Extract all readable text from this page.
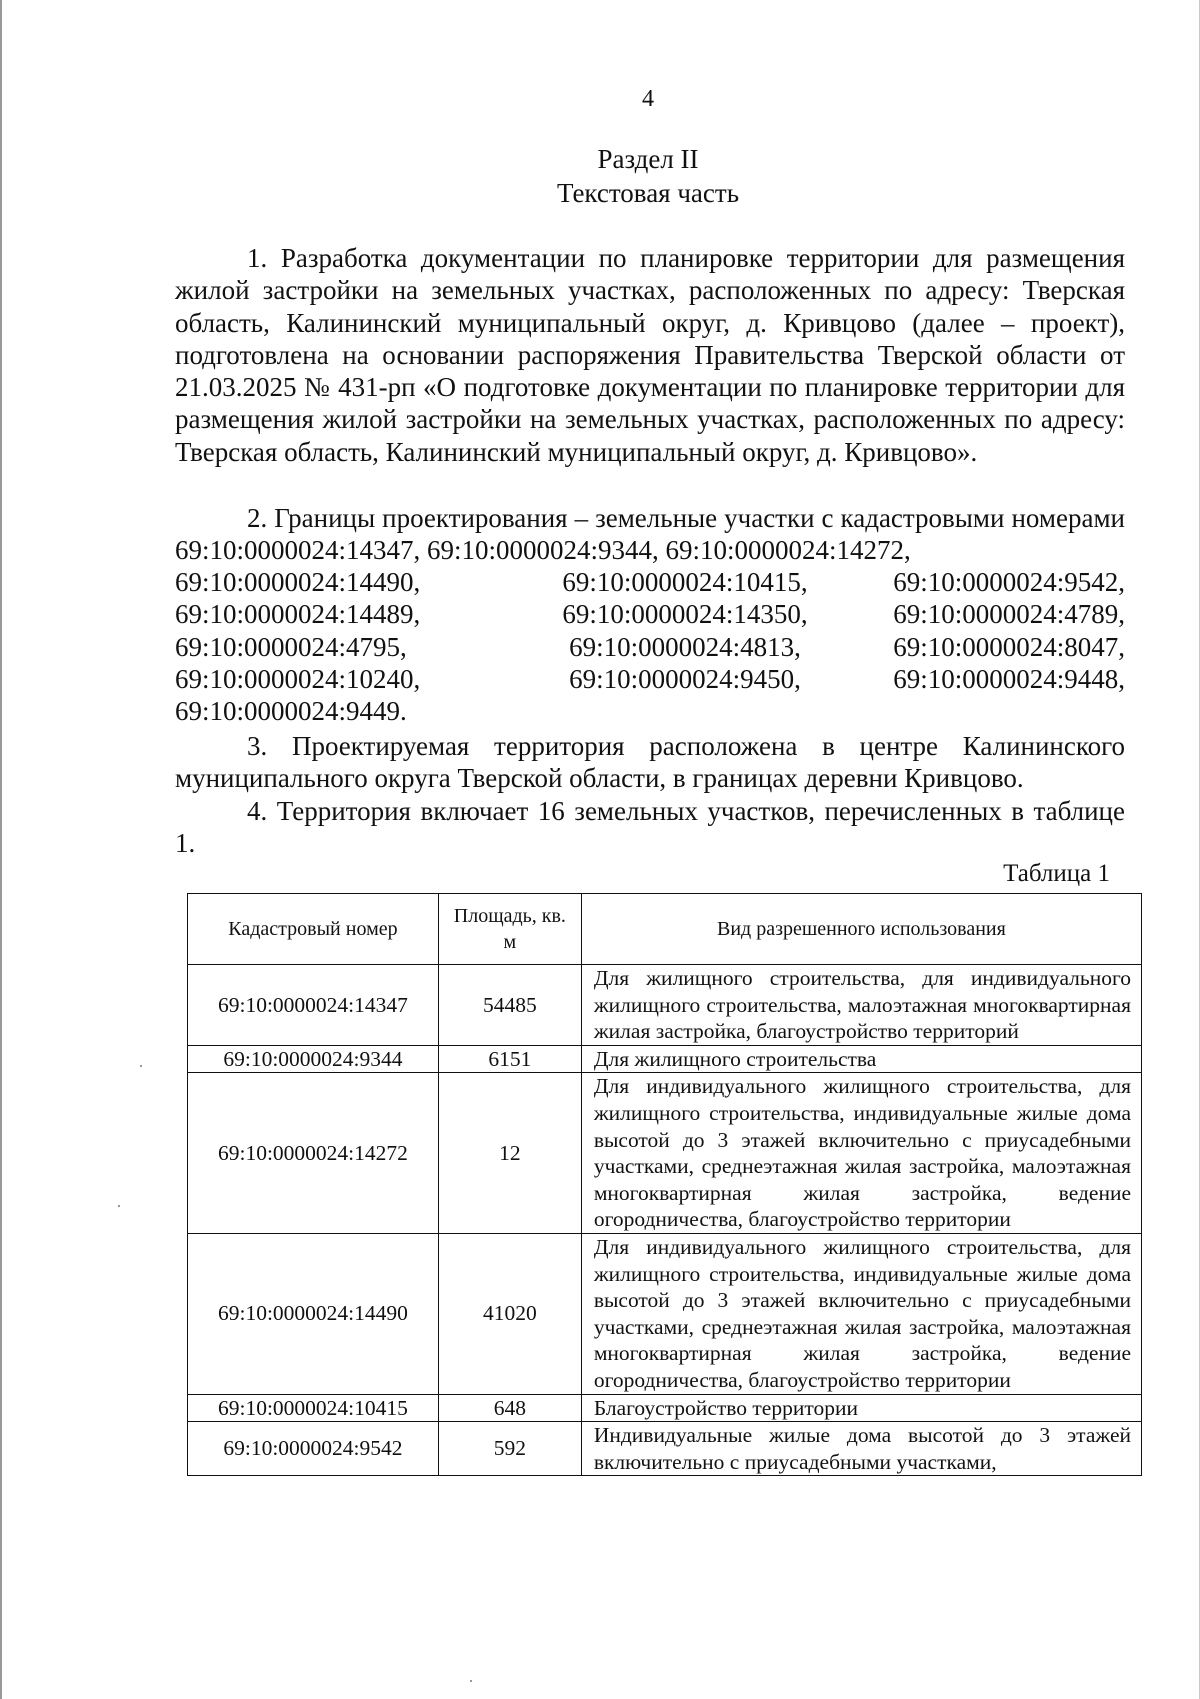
4
Раздел II
Текстовая часть
1. Разработка документации по планировке территории для размещения жилой застройки на земельных участках, расположенных по адресу: Тверская область, Калининский муниципальный округ, д. Кривцово (далее – проект), подготовлена на основании распоряжения Правительства Тверской области от 21.03.2025 № 431-рп «О подготовке документации по планировке территории для размещения жилой застройки на земельных участках, расположенных по адресу: Тверская область, Калининский муниципальный округ, д. Кривцово».
2. Границы проектирования – земельные участки с кадастровыми номерами 69:10:0000024:14347, 69:10:0000024:9344, 69:10:0000024:14272,
69:10:0000024:14490,	69:10:0000024:10415,	69:10:0000024:9542,
69:10:0000024:14489,	69:10:0000024:14350,	69:10:0000024:4789,
69:10:0000024:4795,	69:10:0000024:4813,	69:10:0000024:8047,
69:10:0000024:10240,	69:10:0000024:9450,	69:10:0000024:9448,
69:10:0000024:9449.
3. Проектируемая территория расположена в центре Калининского муниципального округа Тверской области, в границах деревни Кривцово.
4. Территория включает 16 земельных участков, перечисленных в таблице 1.
Таблица 1
Кадастровый номер	Площадь, кв. м	Вид разрешенного использования
69:10:0000024:14347	54485	Для жилищного строительства, для индивидуального жилищного строительства, малоэтажная многоквартирная жилая застройка, благоустройство территорий
69:10:0000024:9344	6151	Для жилищного строительства
69:10:0000024:14272	12	Для индивидуального жилищного строительства, для жилищного строительства, индивидуальные жилые дома высотой до 3 этажей включительно с приусадебными участками, среднеэтажная жилая застройка, малоэтажная многоквартирная жилая застройка, ведение огородничества, благоустройство территории
69:10:0000024:14490	41020	Для индивидуального жилищного строительства, для жилищного строительства, индивидуальные жилые дома высотой до 3 этажей включительно с приусадебными участками, среднеэтажная жилая застройка, малоэтажная многоквартирная жилая застройка, ведение огородничества, благоустройство территории
69:10:0000024:10415	648	Благоустройство территории
69:10:0000024:9542	592	Индивидуальные жилые дома высотой до 3 этажей включительно с приусадебными участками,
